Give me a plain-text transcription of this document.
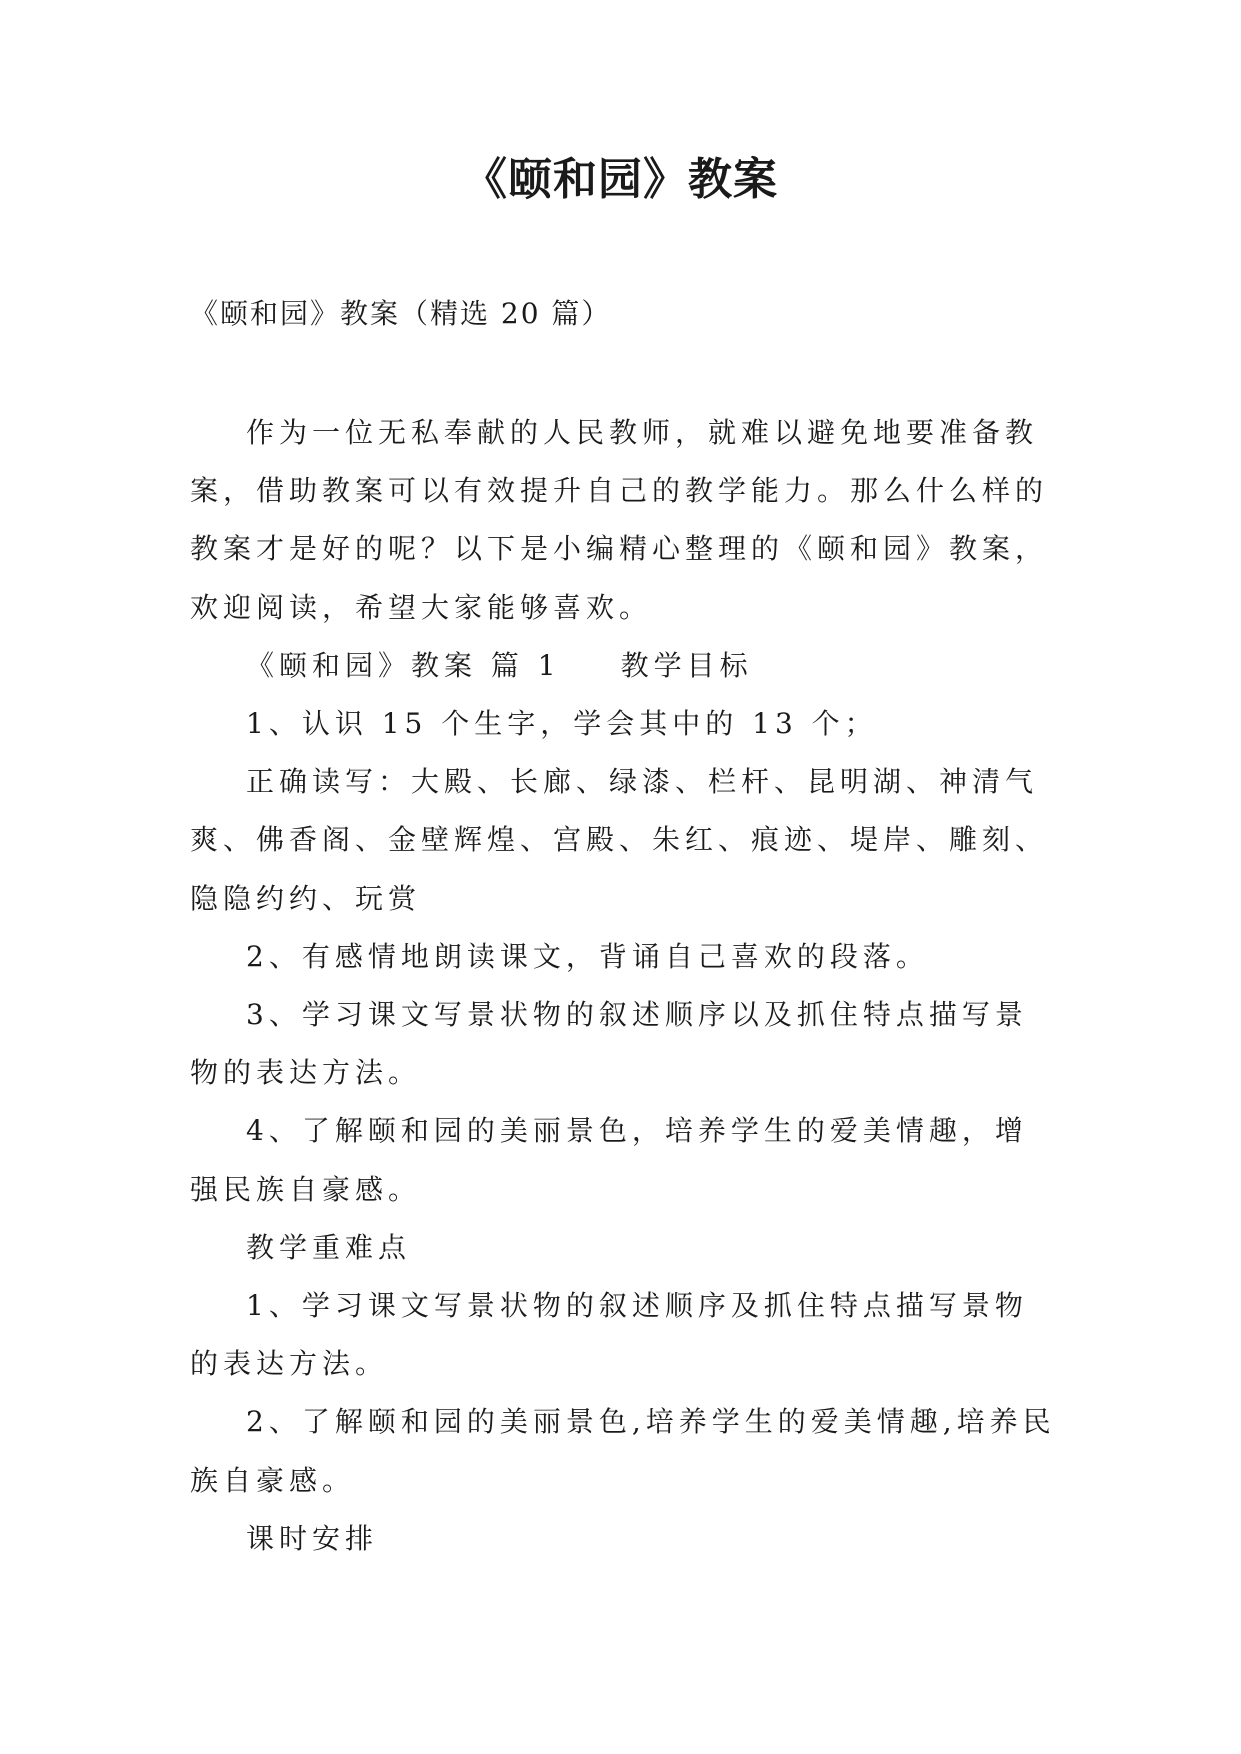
《颐和园》教案

《颐和园》教案（精选 20 篇）

作为一位无私奉献的人民教师，就难以避免地要准备教案，借助教案可以有效提升自己的教学能力。那么什么样的教案才是好的呢？以下是小编精心整理的《颐和园》教案，欢迎阅读，希望大家能够喜欢。

《颐和园》教案 篇 1 教学目标

1、认识 15 个生字，学会其中的 13 个；

正确读写：大殿、长廊、绿漆、栏杆、昆明湖、神清气爽、佛香阁、金壁辉煌、宫殿、朱红、痕迹、堤岸、雕刻、隐隐约约、玩赏

2、有感情地朗读课文，背诵自己喜欢的段落。

3、学习课文写景状物的叙述顺序以及抓住特点描写景物的表达方法。

4、了解颐和园的美丽景色，培养学生的爱美情趣，增强民族自豪感。

教学重难点

1、学习课文写景状物的叙述顺序及抓住特点描写景物的表达方法。

2、了解颐和园的美丽景色,培养学生的爱美情趣,培养民族自豪感。

课时安排
